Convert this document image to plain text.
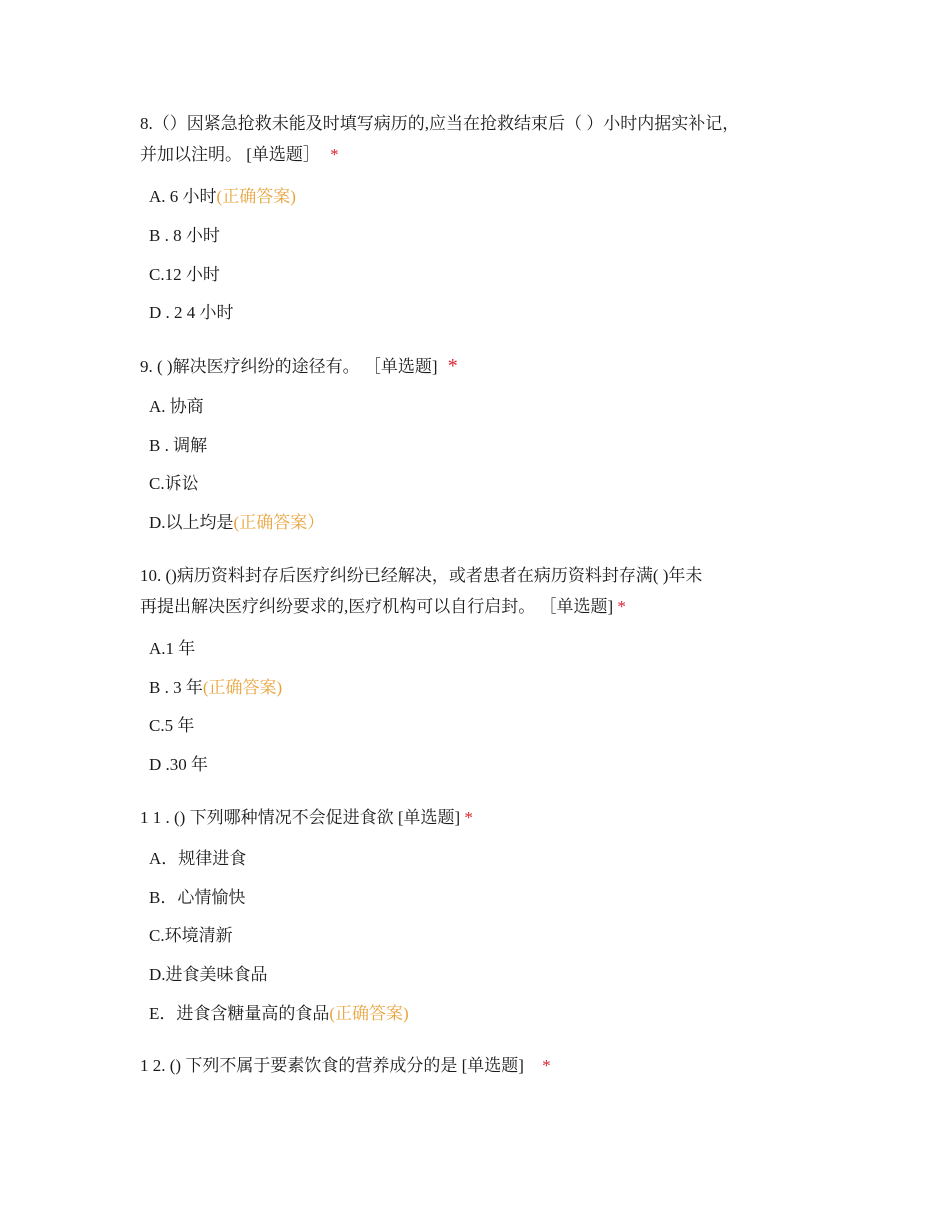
8.（）因紧急抢救未能及时填写病历的,应当在抢救结束后（ ）小时内据实补记，
并加以注明。 [单选题］ *
A. 6 小时(正确答案)
B . 8 小时
C.12 小时
D . 2 4 小时
9. ( )解决医疗纠纷的途径有。 ［单选题] *
A. 协商
B . 调解
C.诉讼
D.以上均是(正确答案）
10. ()病历资料封存后医疗纠纷已经解决，或者患者在病历资料封存满( )年未
再提出解决医疗纠纷要求的,医疗机构可以自行启封。 ［单选题] *
A.1 年
B . 3 年(正确答案)
C.5 年
D .30 年
1 1 . () 下列哪种情况不会促进食欲 [单选题] *
A．规律进食
B．心情愉快
C.环境清新
D.进食美味食品
E．进食含糖量高的食品(正确答案)
1 2. () 下列不属于要素饮食的营养成分的是 [单选题] *
